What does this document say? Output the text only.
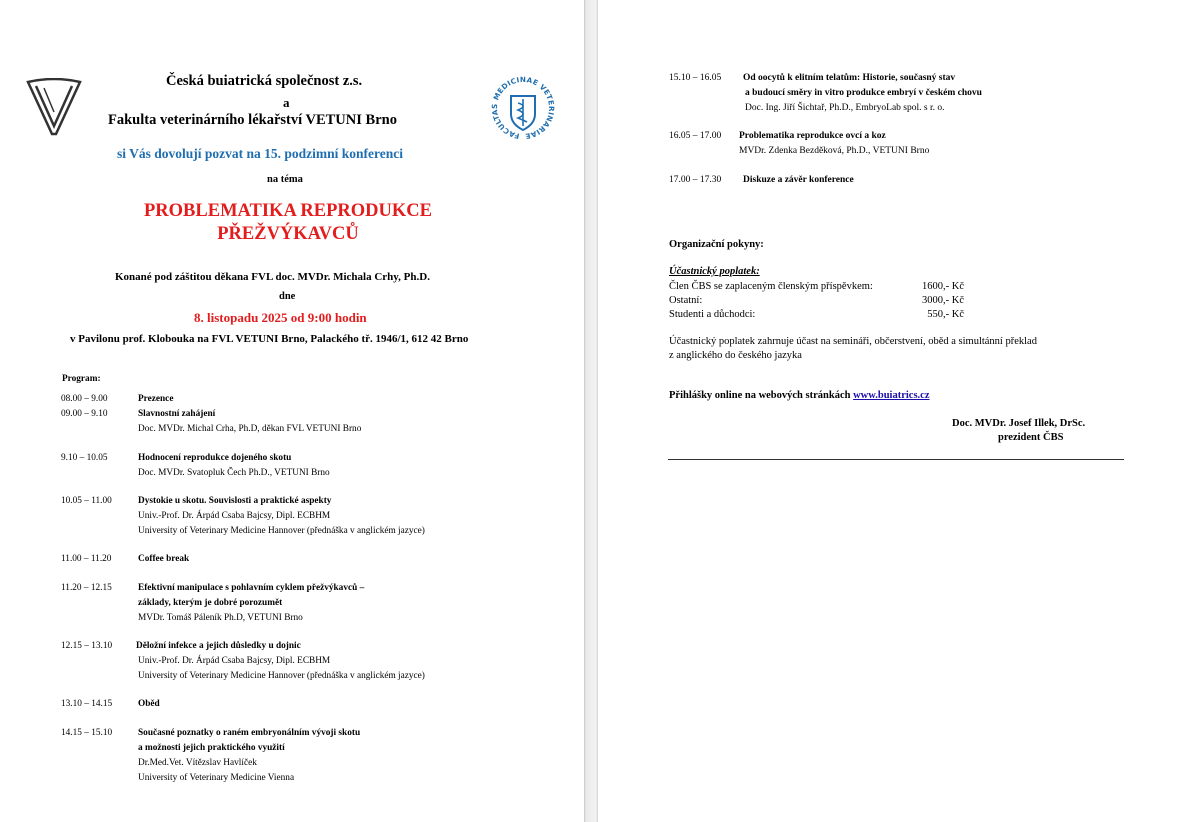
Česká buiatrická společnost z.s.
a
Fakulta veterinárního lékařství VETUNI Brno
FACULTAS MEDICINAE VETERINARIAE
si Vás dovolují pozvat na 15. podzimní konferenci
na téma
PROBLEMATIKA REPRODUKCE
PŘEŽVÝKAVCŮ
Konané pod záštitou děkana FVL doc. MVDr. Michala Crhy, Ph.D.
dne
8. listopadu 2025 od 9:00 hodin
v Pavilonu prof. Klobouka na FVL VETUNI Brno, Palackého tř. 1946/1, 612 42 Brno
Program:
08.00 – 9.00	Prezence
09.00 – 9.10	Slavnostní zahájení
Doc. MVDr. Michal Crha, Ph.D, děkan FVL VETUNI Brno
9.10 – 10.05	Hodnocení reprodukce dojeného skotu
Doc. MVDr. Svatopluk Čech Ph.D., VETUNI Brno
10.05 – 11.00	Dystokie u skotu. Souvislosti a praktické aspekty
Univ.-Prof. Dr. Árpád Csaba Bajcsy, Dipl. ECBHM
University of Veterinary Medicine Hannover (přednáška v anglickém jazyce)
11.00 – 11.20	Coffee break
11.20 – 12.15	Efektivní manipulace s pohlavním cyklem přežvýkavců –
základy, kterým je dobré porozumět
MVDr. Tomáš Páleník Ph.D, VETUNI Brno
12.15 – 13.10	Děložní infekce a jejich důsledky u dojnic
Univ.-Prof. Dr. Árpád Csaba Bajcsy, Dipl. ECBHM
University of Veterinary Medicine Hannover (přednáška v anglickém jazyce)
13.10 – 14.15	Oběd
14.15 – 15.10	Současné poznatky o raném embryonálním vývoji skotu
a možnosti jejich praktického využití
Dr.Med.Vet. Vítězslav Havlíček
University of Veterinary Medicine Vienna
15.10 – 16.05 Od oocytů k elitním telatům: Historie, současný stav
a budoucí směry in vitro produkce embryí v českém chovu
Doc. Ing. Jiří Šichtař, Ph.D., EmbryoLab spol. s r. o.
16.05 – 17.00 Problematika reprodukce ovcí a koz
MVDr. Zdenka Bezděková, Ph.D., VETUNI Brno
17.00 – 17.30 Diskuze a závěr konference
Organizační pokyny:
Účastnický poplatek:
Člen ČBS se zaplaceným členským příspěvkem:	1600,- Kč
Ostatní:	3000,- Kč
Studenti a důchodci:	550,- Kč
Účastnický poplatek zahrnuje účast na semináři, občerstvení, oběd a simultánní překlad
z anglického do českého jazyka
Přihlášky online na webových stránkách www.buiatrics.cz
Doc. MVDr. Josef Illek, DrSc.
prezident ČBS
